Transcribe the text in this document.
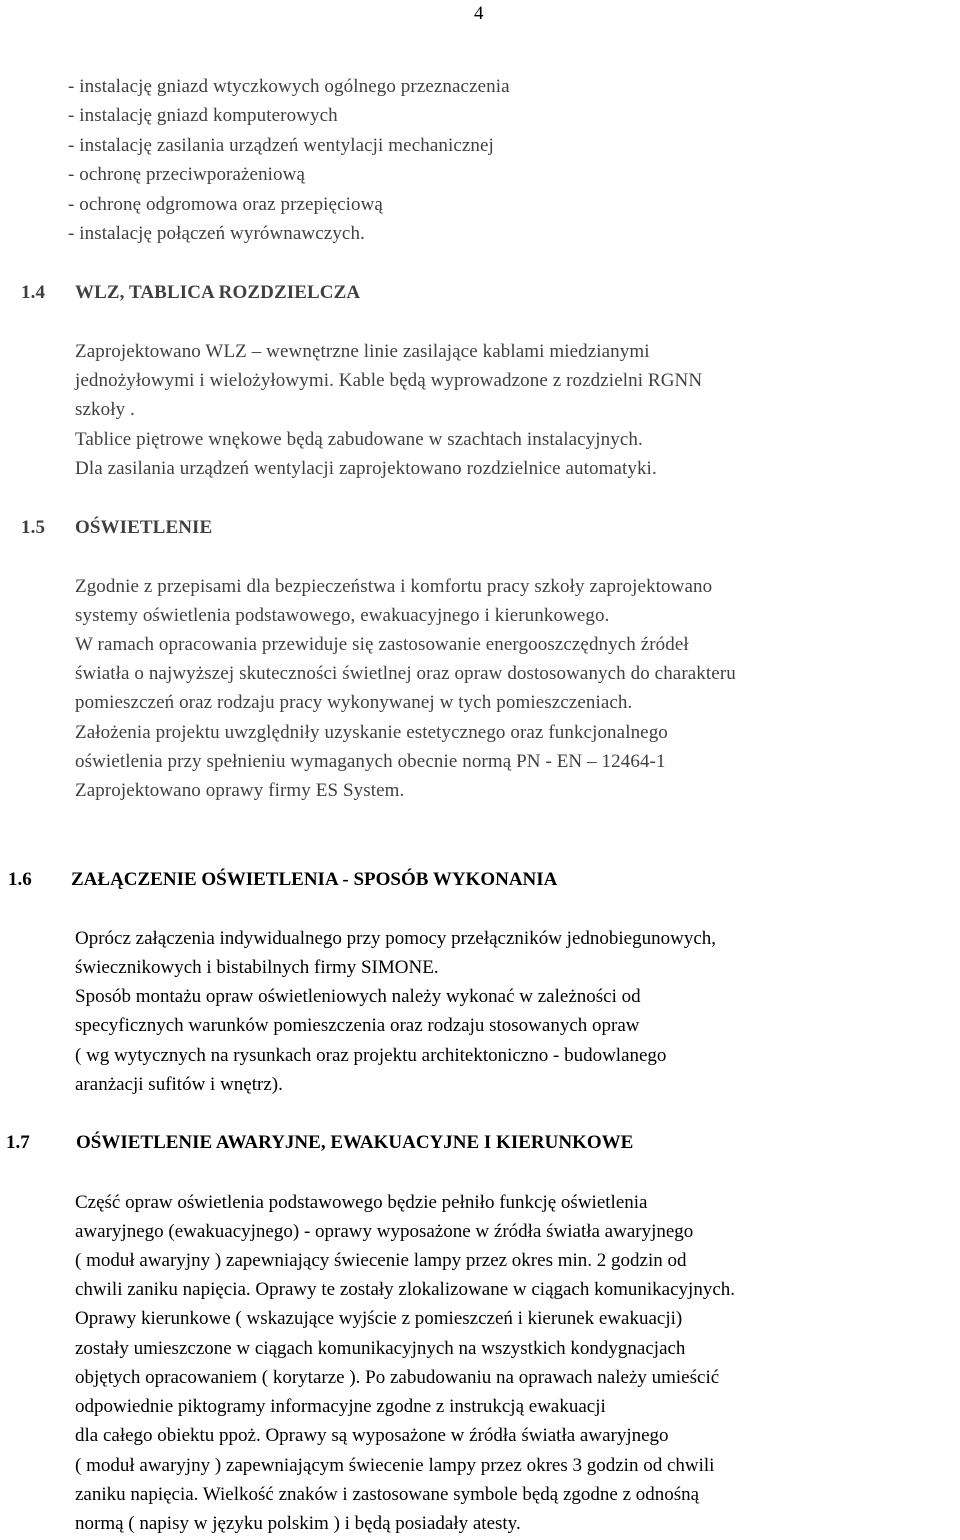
4
- instalację gniazd wtyczkowych ogólnego przeznaczenia
- instalację gniazd komputerowych
- instalację zasilania urządzeń wentylacji mechanicznej
- ochronę przeciwporażeniową
- ochronę odgromowa oraz przepięciową
- instalację połączeń wyrównawczych.
1.4 WLZ, TABLICA ROZDZIELCZA
Zaprojektowano WLZ – wewnętrzne linie zasilające kablami miedzianymi
jednożyłowymi i wielożyłowymi. Kable będą wyprowadzone z rozdzielni RGNN
szkoły .
Tablice piętrowe wnękowe będą zabudowane w szachtach instalacyjnych.
Dla zasilania urządzeń wentylacji zaprojektowano rozdzielnice automatyki.
1.5 OŚWIETLENIE
Zgodnie z przepisami dla bezpieczeństwa i komfortu pracy szkoły zaprojektowano
systemy oświetlenia podstawowego, ewakuacyjnego i kierunkowego.
W ramach opracowania przewiduje się zastosowanie energooszczędnych źródeł
światła o najwyższej skuteczności świetlnej oraz opraw dostosowanych do charakteru
pomieszczeń oraz rodzaju pracy wykonywanej w tych pomieszczeniach.
Założenia projektu uwzględniły uzyskanie estetycznego oraz funkcjonalnego
oświetlenia przy spełnieniu wymaganych obecnie normą PN - EN – 12464-1
Zaprojektowano oprawy firmy ES System.
1.6 ZAŁĄCZENIE OŚWIETLENIA - SPOSÓB WYKONANIA
Oprócz załączenia indywidualnego przy pomocy przełączników jednobiegunowych,
świecznikowych i bistabilnych firmy SIMONE.
Sposób montażu opraw oświetleniowych należy wykonać w zależności od
specyficznych warunków pomieszczenia oraz rodzaju stosowanych opraw
( wg wytycznych na rysunkach oraz projektu architektoniczno - budowlanego
aranżacji sufitów i wnętrz).
1.7 OŚWIETLENIE AWARYJNE, EWAKUACYJNE I KIERUNKOWE
Część opraw oświetlenia podstawowego będzie pełniło funkcję oświetlenia
awaryjnego (ewakuacyjnego) - oprawy wyposażone w źródła światła awaryjnego
( moduł awaryjny ) zapewniający świecenie lampy przez okres min. 2 godzin od
chwili zaniku napięcia. Oprawy te zostały zlokalizowane w ciągach komunikacyjnych.
Oprawy kierunkowe ( wskazujące wyjście z pomieszczeń i kierunek ewakuacji)
zostały umieszczone w ciągach komunikacyjnych na wszystkich kondygnacjach
objętych opracowaniem ( korytarze ). Po zabudowaniu na oprawach należy umieścić
odpowiednie piktogramy informacyjne zgodne z instrukcją ewakuacji
dla całego obiektu ppoż. Oprawy są wyposażone w źródła światła awaryjnego
( moduł awaryjny ) zapewniającym świecenie lampy przez okres 3 godzin od chwili
zaniku napięcia. Wielkość znaków i zastosowane symbole będą zgodne z odnośną
normą ( napisy w języku polskim ) i będą posiadały atesty.
